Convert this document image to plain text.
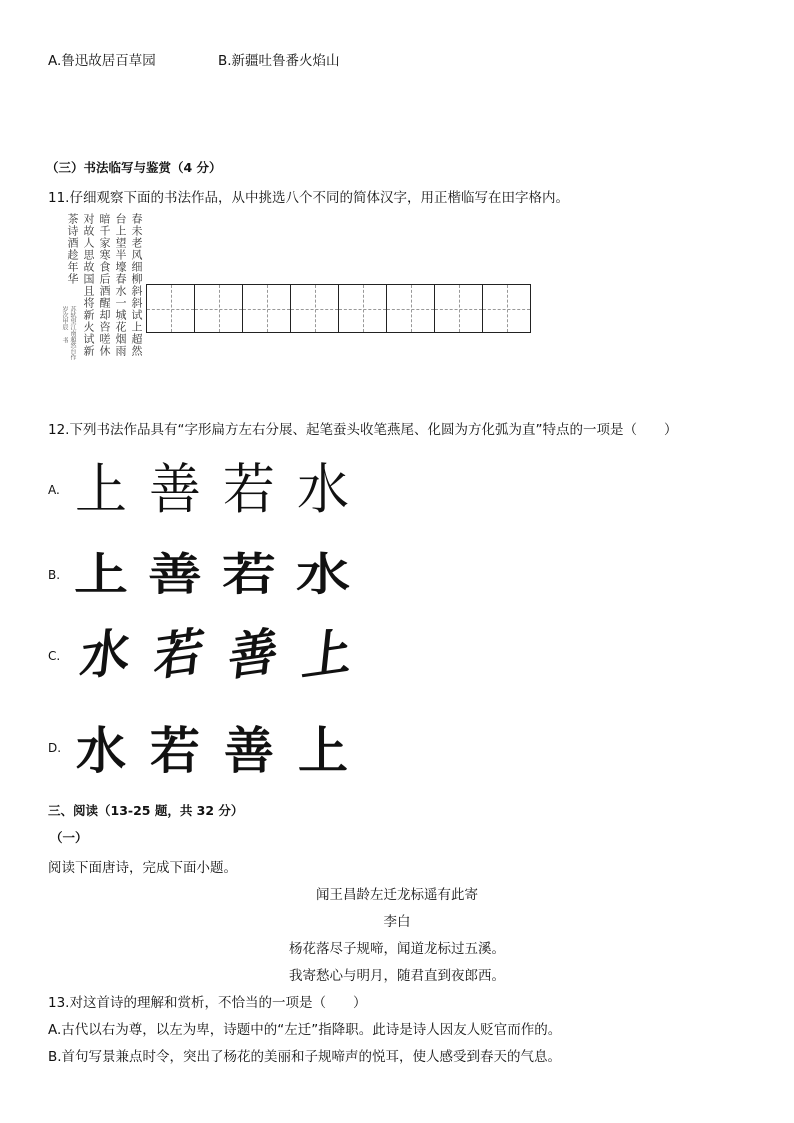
A.鲁迅故居百草园	B.新疆吐鲁番火焰山
（三）书法临写与鉴赏（4 分）
11.仔细观察下面的书法作品，从中挑选八个不同的简体汉字，用正楷临写在田字格内。
春未老风细柳斜斜试上超然
台上望半壕春水一城花烟雨
暗千家寒食后酒醒却咨嗟休
对故人思故国且将新火试新
茶诗酒趁年华
苏轼望江南超然台作
岁次甲辰 书
12.下列书法作品具有“字形扁方左右分展、起笔蚕头收笔燕尾、化圆为方化弧为直”特点的一项是（　　）
A. 上 善 若 水
B. 上 善 若 水
C. 水 若 善 上
D. 水 若 善 上
三、阅读（13-25 题，共 32 分）
（一）
阅读下面唐诗，完成下面小题。
闻王昌龄左迁龙标遥有此寄
李白
杨花落尽子规啼，闻道龙标过五溪。
我寄愁心与明月，随君直到夜郎西。
13.对这首诗的理解和赏析，不恰当的一项是（　　）
A.古代以右为尊，以左为卑，诗题中的“左迁”指降职。此诗是诗人因友人贬官而作的。
B.首句写景兼点时令，突出了杨花的美丽和子规啼声的悦耳，使人感受到春天的气息。
